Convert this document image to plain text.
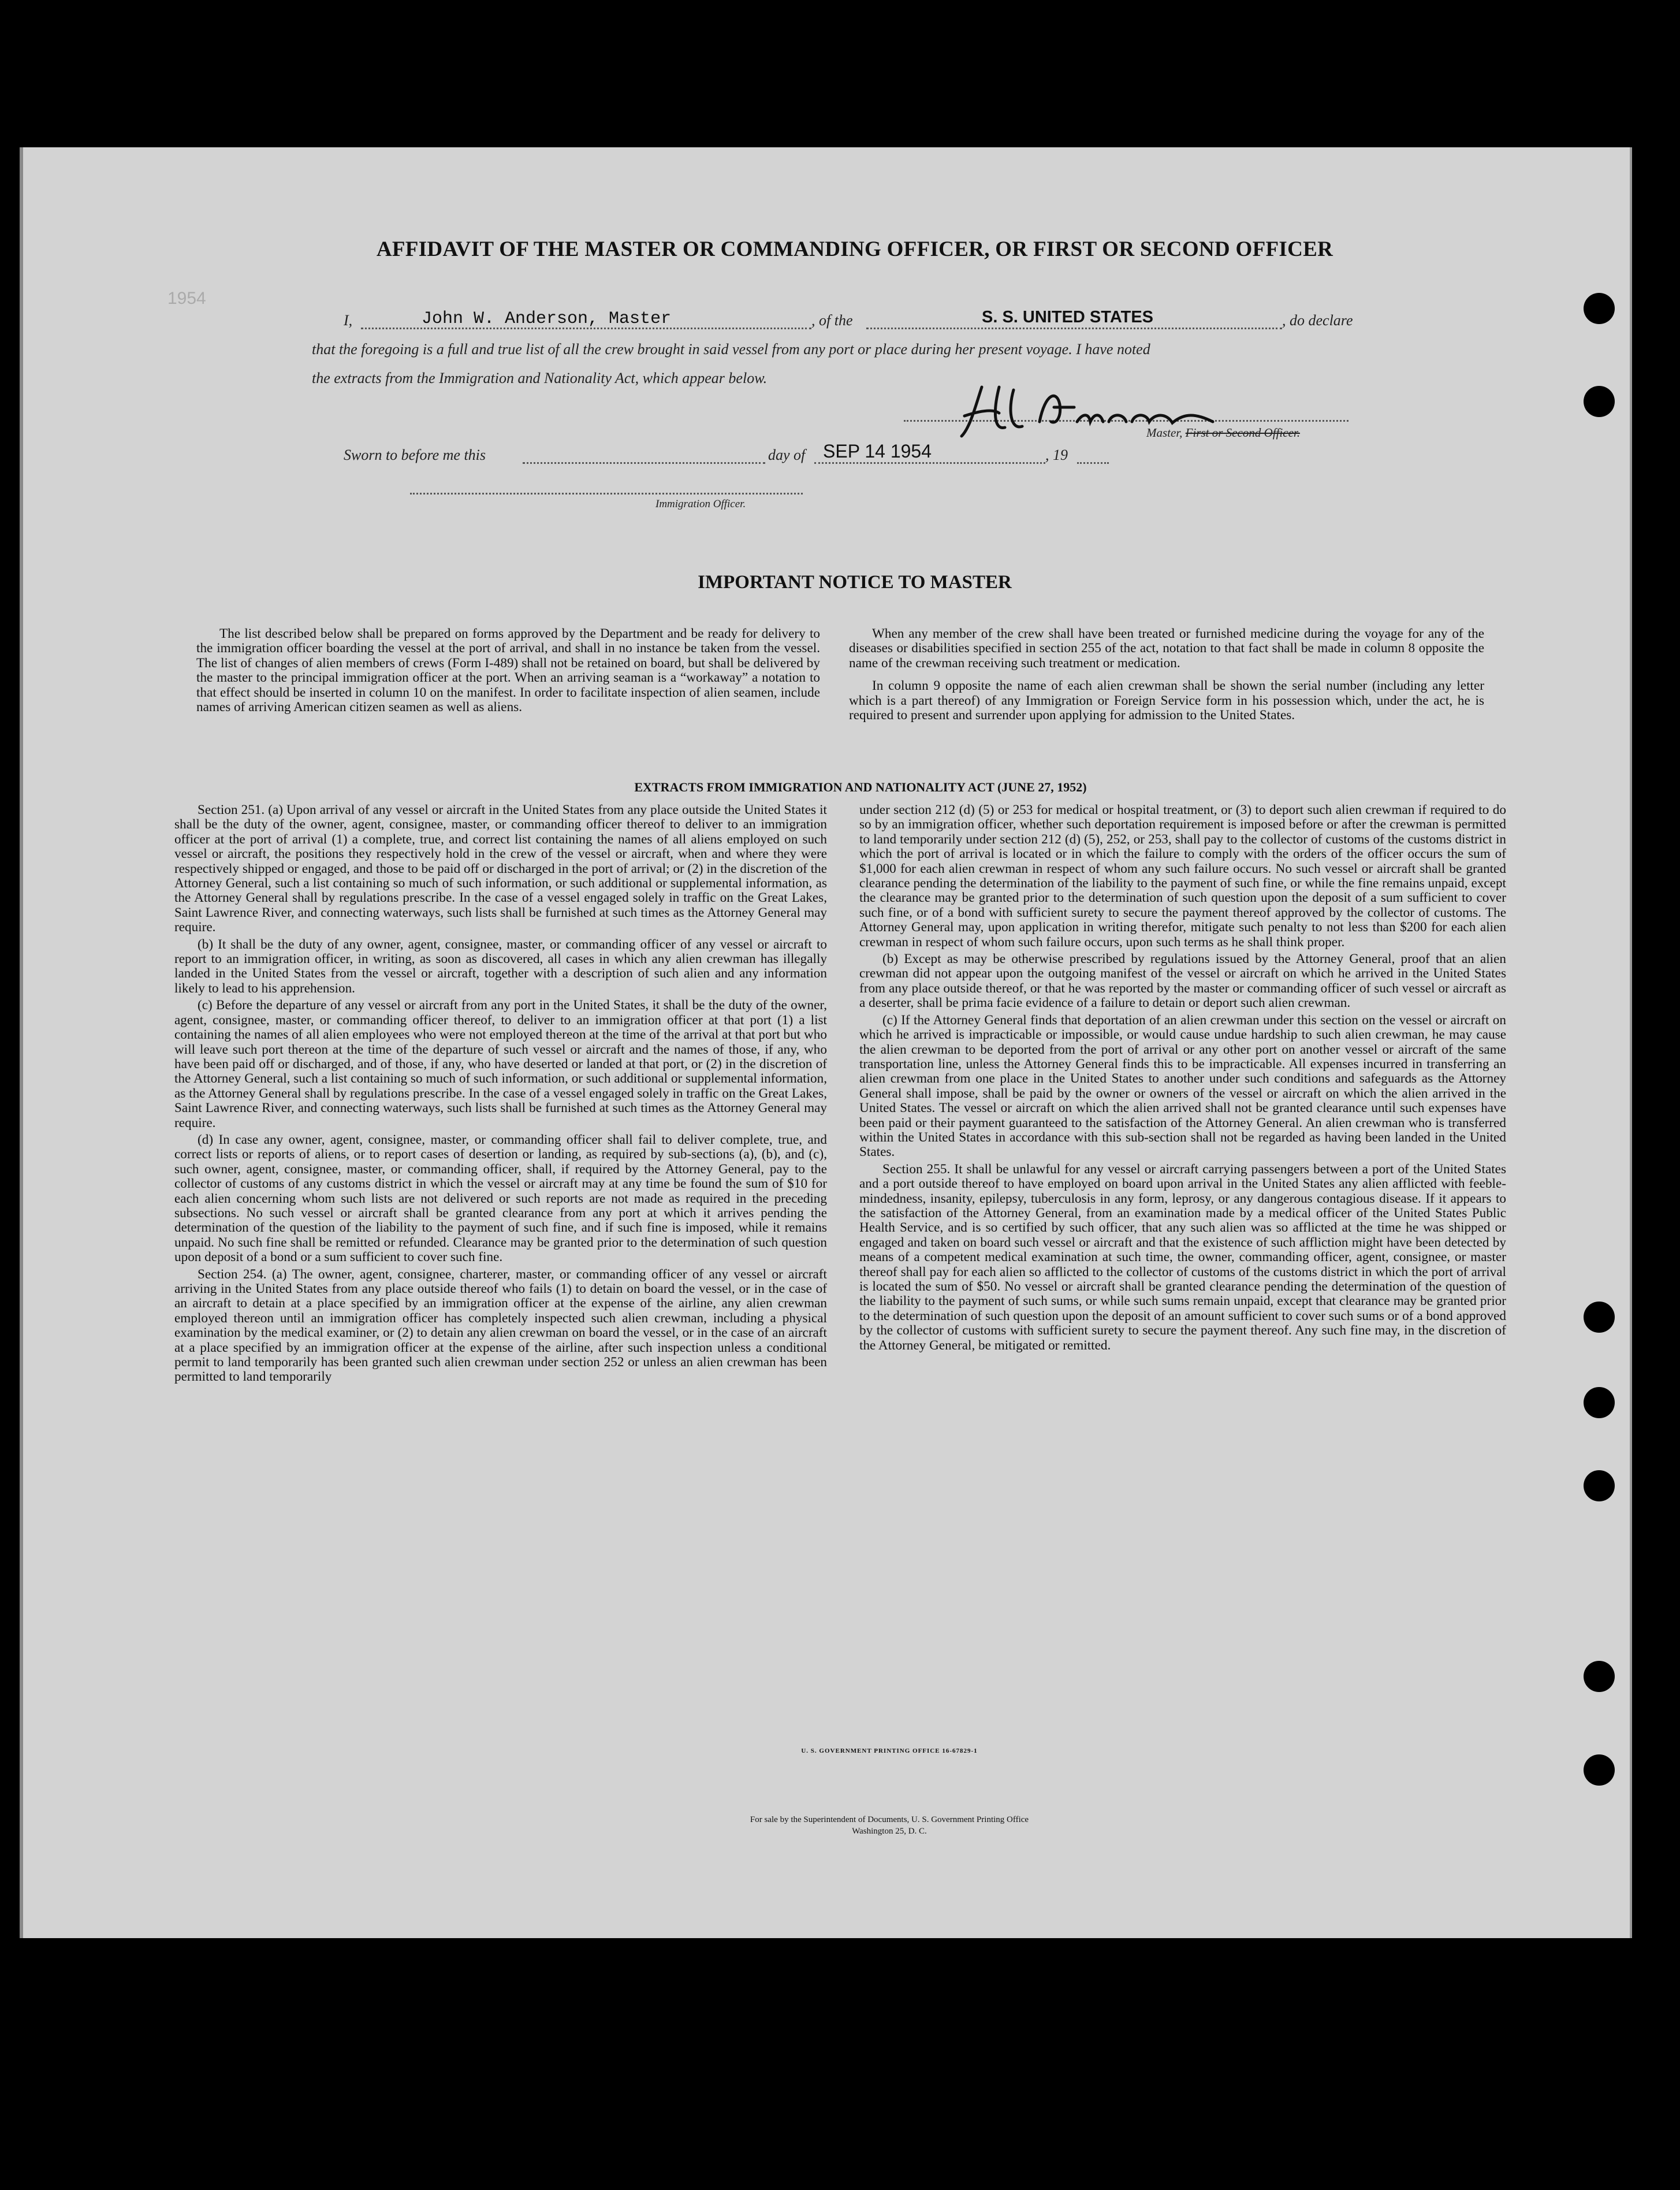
1954
AFFIDAVIT OF THE MASTER OR COMMANDING OFFICER, OR FIRST OR SECOND OFFICER
I,	John W. Anderson, Master	, of the	S. S. UNITED STATES	, do declare
that the foregoing is a full and true list of all the crew brought in said vessel from any port or place during her present voyage. I have noted
the extracts from the Immigration and Nationality Act, which appear below.
Master, First or Second Officer.
Sworn to before me this	day of SEP 14 1954	, 19
Immigration Officer.
IMPORTANT NOTICE TO MASTER

The list described below shall be prepared on forms approved by the Department and be ready for delivery to the immigration officer boarding the vessel at the port of arrival, and shall in no instance be taken from the vessel. The list of changes of alien members of crews (Form I-489) shall not be retained on board, but shall be delivered by the master to the principal immigration officer at the port. When an arriving seaman is a “workaway” a notation to that effect should be inserted in column 10 on the manifest. In order to facilitate inspection of alien seamen, include names of arriving American citizen seamen as well as aliens.

When any member of the crew shall have been treated or furnished medicine during the voyage for any of the diseases or disabilities specified in section 255 of the act, notation to that fact shall be made in column 8 opposite the name of the crewman receiving such treatment or medication.

In column 9 opposite the name of each alien crewman shall be shown the serial number (including any letter which is a part thereof) of any Immigration or Foreign Service form in his possession which, under the act, he is required to present and surrender upon applying for admission to the United States.

EXTRACTS FROM IMMIGRATION AND NATIONALITY ACT (JUNE 27, 1952)

Section 251. (a) Upon arrival of any vessel or aircraft in the United States from any place outside the United States it shall be the duty of the owner, agent, consignee, master, or commanding officer thereof to deliver to an immigration officer at the port of arrival (1) a complete, true, and correct list containing the names of all aliens employed on such vessel or aircraft, the positions they respectively hold in the crew of the vessel or aircraft, when and where they were respectively shipped or engaged, and those to be paid off or discharged in the port of arrival; or (2) in the discretion of the Attorney General, such a list containing so much of such information, or such additional or supplemental information, as the Attorney General shall by regulations prescribe. In the case of a vessel engaged solely in traffic on the Great Lakes, Saint Lawrence River, and connecting waterways, such lists shall be furnished at such times as the Attorney General may require.

(b) It shall be the duty of any owner, agent, consignee, master, or commanding officer of any vessel or aircraft to report to an immigration officer, in writing, as soon as discovered, all cases in which any alien crewman has illegally landed in the United States from the vessel or aircraft, together with a description of such alien and any information likely to lead to his apprehension.

(c) Before the departure of any vessel or aircraft from any port in the United States, it shall be the duty of the owner, agent, consignee, master, or commanding officer thereof, to deliver to an immigration officer at that port (1) a list containing the names of all alien employees who were not employed thereon at the time of the arrival at that port but who will leave such port thereon at the time of the departure of such vessel or aircraft and the names of those, if any, who have been paid off or discharged, and of those, if any, who have deserted or landed at that port, or (2) in the discretion of the Attorney General, such a list containing so much of such information, or such additional or supplemental information, as the Attorney General shall by regulations prescribe. In the case of a vessel engaged solely in traffic on the Great Lakes, Saint Lawrence River, and connecting waterways, such lists shall be furnished at such times as the Attorney General may require.

(d) In case any owner, agent, consignee, master, or commanding officer shall fail to deliver complete, true, and correct lists or reports of aliens, or to report cases of desertion or landing, as required by sub-sections (a), (b), and (c), such owner, agent, consignee, master, or commanding officer, shall, if required by the Attorney General, pay to the collector of customs of any customs district in which the vessel or aircraft may at any time be found the sum of $10 for each alien concerning whom such lists are not delivered or such reports are not made as required in the preceding subsections. No such vessel or aircraft shall be granted clearance from any port at which it arrives pending the determination of the question of the liability to the payment of such fine, and if such fine is imposed, while it remains unpaid. No such fine shall be remitted or refunded. Clearance may be granted prior to the determination of such question upon deposit of a bond or a sum sufficient to cover such fine.

Section 254. (a) The owner, agent, consignee, charterer, master, or commanding officer of any vessel or aircraft arriving in the United States from any place outside thereof who fails (1) to detain on board the vessel, or in the case of an aircraft to detain at a place specified by an immigration officer at the expense of the airline, any alien crewman employed thereon until an immigration officer has completely inspected such alien crewman, including a physical examination by the medical examiner, or (2) to detain any alien crewman on board the vessel, or in the case of an aircraft at a place specified by an immigration officer at the expense of the airline, after such inspection unless a conditional permit to land temporarily has been granted such alien crewman under section 252 or unless an alien crewman has been permitted to land temporarily

under section 212 (d) (5) or 253 for medical or hospital treatment, or (3) to deport such alien crewman if required to do so by an immigration officer, whether such deportation requirement is imposed before or after the crewman is permitted to land temporarily under section 212 (d) (5), 252, or 253, shall pay to the collector of customs of the customs district in which the port of arrival is located or in which the failure to comply with the orders of the officer occurs the sum of $1,000 for each alien crewman in respect of whom any such failure occurs. No such vessel or aircraft shall be granted clearance pending the determination of the liability to the payment of such fine, or while the fine remains unpaid, except the clearance may be granted prior to the determination of such question upon the deposit of a sum sufficient to cover such fine, or of a bond with sufficient surety to secure the payment thereof approved by the collector of customs. The Attorney General may, upon application in writing therefor, mitigate such penalty to not less than $200 for each alien crewman in respect of whom such failure occurs, upon such terms as he shall think proper.

(b) Except as may be otherwise prescribed by regulations issued by the Attorney General, proof that an alien crewman did not appear upon the outgoing manifest of the vessel or aircraft on which he arrived in the United States from any place outside thereof, or that he was reported by the master or commanding officer of such vessel or aircraft as a deserter, shall be prima facie evidence of a failure to detain or deport such alien crewman.

(c) If the Attorney General finds that deportation of an alien crewman under this section on the vessel or aircraft on which he arrived is impracticable or impossible, or would cause undue hardship to such alien crewman, he may cause the alien crewman to be deported from the port of arrival or any other port on another vessel or aircraft of the same transportation line, unless the Attorney General finds this to be impracticable. All expenses incurred in transferring an alien crewman from one place in the United States to another under such conditions and safeguards as the Attorney General shall impose, shall be paid by the owner or owners of the vessel or aircraft on which the alien arrived in the United States. The vessel or aircraft on which the alien arrived shall not be granted clearance until such expenses have been paid or their payment guaranteed to the satisfaction of the Attorney General. An alien crewman who is transferred within the United States in accordance with this sub-section shall not be regarded as having been landed in the United States.

Section 255. It shall be unlawful for any vessel or aircraft carrying passengers between a port of the United States and a port outside thereof to have employed on board upon arrival in the United States any alien afflicted with feeble-mindedness, insanity, epilepsy, tuberculosis in any form, leprosy, or any dangerous contagious disease. If it appears to the satisfaction of the Attorney General, from an examination made by a medical officer of the United States Public Health Service, and is so certified by such officer, that any such alien was so afflicted at the time he was shipped or engaged and taken on board such vessel or aircraft and that the existence of such affliction might have been detected by means of a competent medical examination at such time, the owner, commanding officer, agent, consignee, or master thereof shall pay for each alien so afflicted to the collector of customs of the customs district in which the port of arrival is located the sum of $50. No vessel or aircraft shall be granted clearance pending the determination of the question of the liability to the payment of such sums, or while such sums remain unpaid, except that clearance may be granted prior to the determination of such question upon the deposit of an amount sufficient to cover such sums or of a bond approved by the collector of customs with sufficient surety to secure the payment thereof. Any such fine may, in the discretion of the Attorney General, be mitigated or remitted.

U. S. GOVERNMENT PRINTING OFFICE 16-67829-1
For sale by the Superintendent of Documents, U. S. Government Printing Office
Washington 25, D. C.
